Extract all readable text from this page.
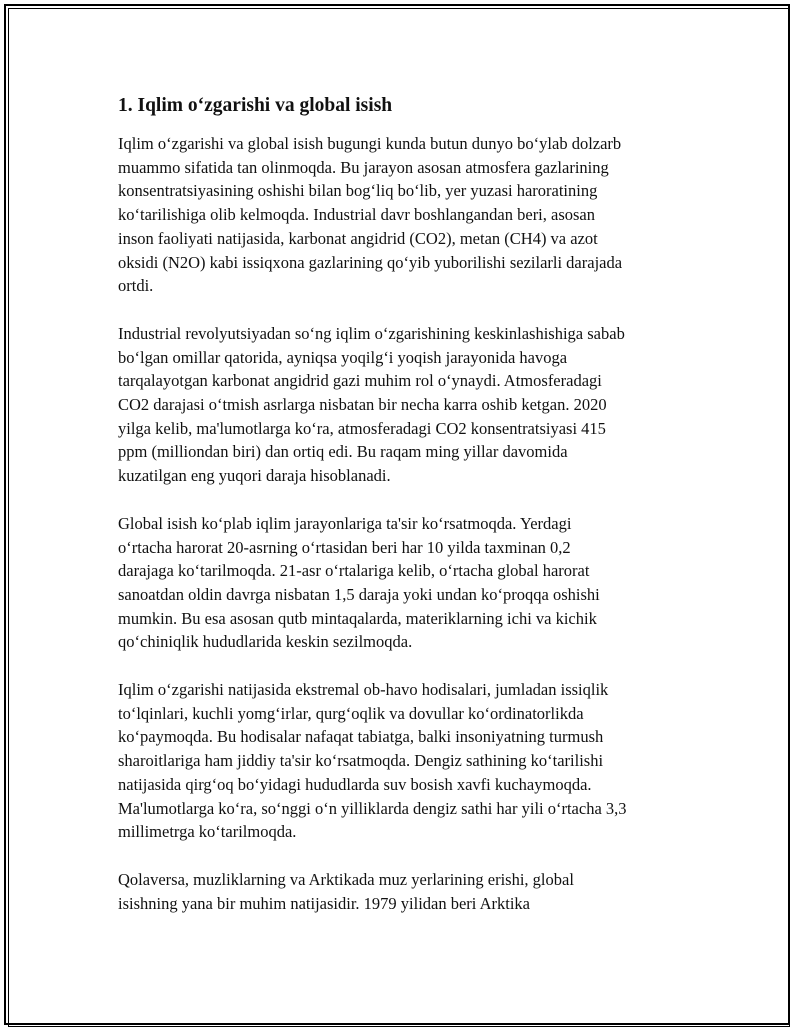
1. Iqlim o‘zgarishi va global isish

Iqlim o‘zgarishi va global isish bugungi kunda butun dunyo bo‘ylab dolzarb
muammo sifatida tan olinmoqda. Bu jarayon asosan atmosfera gazlarining
konsentratsiyasining oshishi bilan bog‘liq bo‘lib, yer yuzasi haroratining
ko‘tarilishiga olib kelmoqda. Industrial davr boshlangandan beri, asosan
inson faoliyati natijasida, karbonat angidrid (CO2), metan (CH4) va azot
oksidi (N2O) kabi issiqxona gazlarining qo‘yib yuborilishi sezilarli darajada
ortdi.

Industrial revolyutsiyadan so‘ng iqlim o‘zgarishining keskinlashishiga sabab
bo‘lgan omillar qatorida, ayniqsa yoqilg‘i yoqish jarayonida havoga
tarqalayotgan karbonat angidrid gazi muhim rol o‘ynaydi. Atmosferadagi
CO2 darajasi o‘tmish asrlarga nisbatan bir necha karra oshib ketgan. 2020
yilga kelib, ma'lumotlarga ko‘ra, atmosferadagi CO2 konsentratsiyasi 415
ppm (milliondan biri) dan ortiq edi. Bu raqam ming yillar davomida
kuzatilgan eng yuqori daraja hisoblanadi.

Global isish ko‘plab iqlim jarayonlariga ta'sir ko‘rsatmoqda. Yerdagi
o‘rtacha harorat 20-asrning o‘rtasidan beri har 10 yilda taxminan 0,2
darajaga ko‘tarilmoqda. 21-asr o‘rtalariga kelib, o‘rtacha global harorat
sanoatdan oldin davrga nisbatan 1,5 daraja yoki undan ko‘proqqa oshishi
mumkin. Bu esa asosan qutb mintaqalarda, materiklarning ichi va kichik
qo‘chiniqlik hududlarida keskin sezilmoqda.

Iqlim o‘zgarishi natijasida ekstremal ob-havo hodisalari, jumladan issiqlik
to‘lqinlari, kuchli yomg‘irlar, qurg‘oqlik va dovullar ko‘ordinatorlikda
ko‘paymoqda. Bu hodisalar nafaqat tabiatga, balki insoniyatning turmush
sharoitlariga ham jiddiy ta'sir ko‘rsatmoqda. Dengiz sathining ko‘tarilishi
natijasida qirg‘oq bo‘yidagi hududlarda suv bosish xavfi kuchaymoqda.
Ma'lumotlarga ko‘ra, so‘nggi o‘n yilliklarda dengiz sathi har yili o‘rtacha 3,3
millimetrga ko‘tarilmoqda.

Qolaversa, muzliklarning va Arktikada muz yerlarining erishi, global
isishning yana bir muhim natijasidir. 1979 yilidan beri Arktika
